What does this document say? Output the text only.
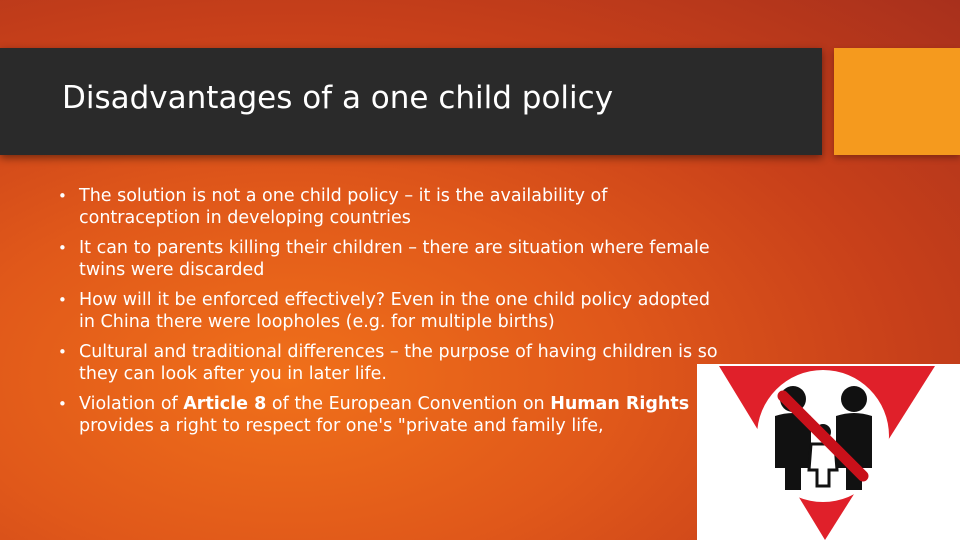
Disadvantages of a one child policy
• The solution is not a one child policy – it is the availability of contraception in developing countries
• It can to parents killing their children – there are situation where female twins were discarded
• How will it be enforced effectively? Even in the one child policy adopted in China there were loopholes (e.g. for multiple births)
• Cultural and traditional differences – the purpose of having children is so they can look after you in later life.
• Violation of Article 8 of the European Convention on Human Rights provides a right to respect for one's "private and family life,
